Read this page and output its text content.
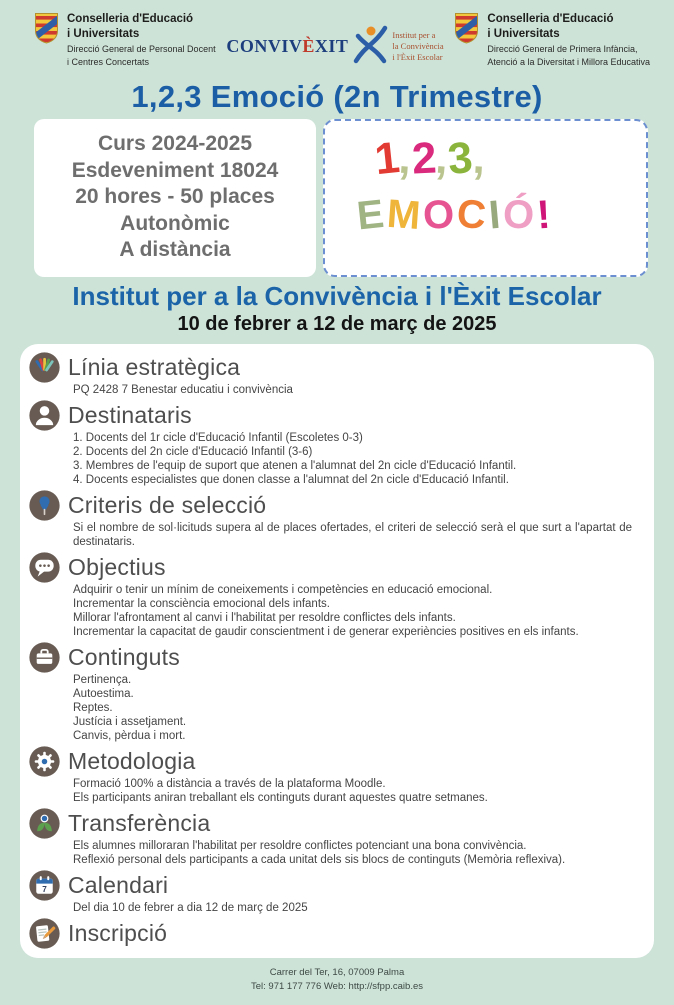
Conselleria d'Educació
i Universitats
Direcció General de Personal Docent
i Centres Concertats
CONVIVÈXIT
Institut per a
la Convivència
i l'Èxit Escolar
Conselleria d'Educació
i Universitats
Direcció General de Primera Infància,
Atenció a la Diversitat i Millora Educativa
1,2,3 Emoció (2n Trimestre)
Curs 2024-2025
Esdeveniment 18024
20 hores - 50 places
Autonòmic
A distància
1,2,3,
EMOCIÓ!
Institut per a la Convivència i l'Èxit Escolar
10 de febrer a 12 de març de 2025
Línia estratègica
PQ 2428 7 Benestar educatiu i convivència
Destinataris
1. Docents del 1r cicle d'Educació Infantil (Escoletes 0-3)
2. Docents del 2n cicle d'Educació Infantil (3-6)
3. Membres de l'equip de suport que atenen a l'alumnat del 2n cicle d'Educació Infantil.
4. Docents especialistes que donen classe a l'alumnat del 2n cicle d'Educació Infantil.
Criteris de selecció
Si el nombre de sol·licituds supera al de places ofertades, el criteri de selecció serà el que surt a l'apartat de destinataris.
Objectius
Adquirir o tenir un mínim de coneixements i competències en educació emocional.
Incrementar la consciència emocional dels infants.
Millorar l'afrontament al canvi i l'habilitat per resoldre conflictes dels infants.
Incrementar la capacitat de gaudir conscientment i de generar experiències positives en els infants.
Continguts
Pertinença.
Autoestima.
Reptes.
Justícia i assetjament.
Canvis, pèrdua i mort.
Metodologia
Formació 100% a distància a través de la plataforma Moodle.
Els participants aniran treballant els continguts durant aquestes quatre setmanes.
Transferència
Els alumnes milloraran l'habilitat per resoldre conflictes potenciant una bona convivència.
Reflexió personal dels participants a cada unitat dels sis blocs de continguts (Memòria reflexiva).
7 Calendari
Del dia 10 de febrer a dia 12 de març de 2025
Inscripció
Carrer del Ter, 16, 07009 Palma
Tel: 971 177 776 Web: http://sfpp.caib.es
